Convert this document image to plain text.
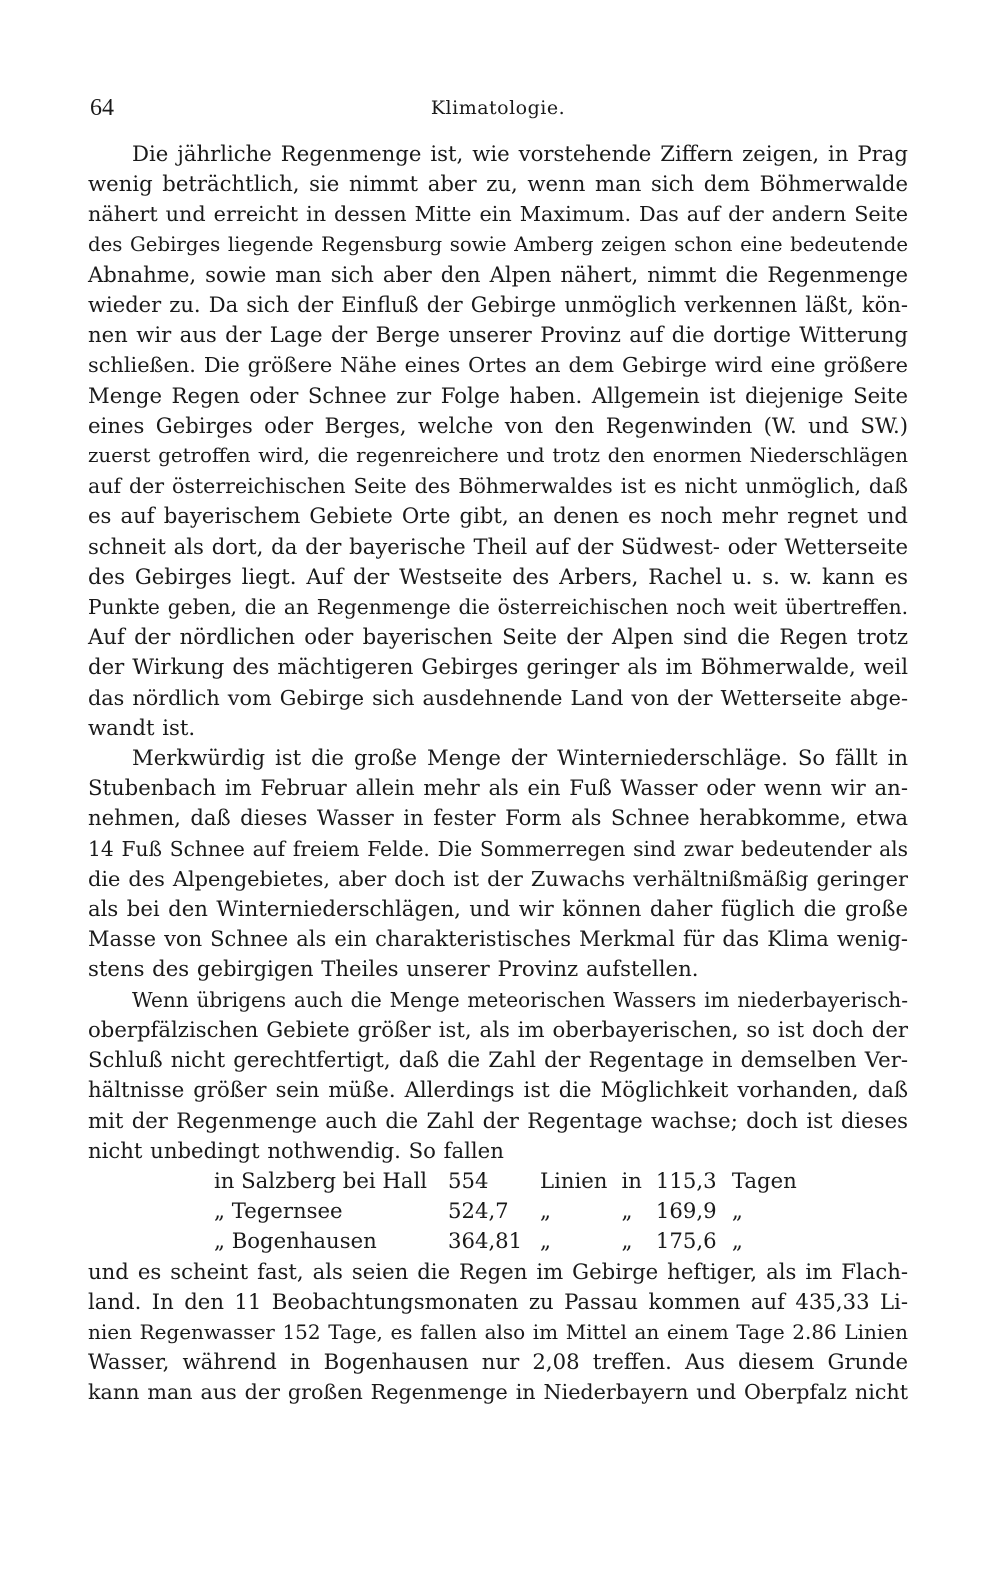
64	Klimatologie.

Die jährliche Regenmenge ist, wie vorstehende Ziffern zeigen, in Prag
wenig beträchtlich, sie nimmt aber zu, wenn man sich dem Böhmerwalde
nähert und erreicht in dessen Mitte ein Maximum. Das auf der andern Seite
des Gebirges liegende Regensburg sowie Amberg zeigen schon eine bedeutende
Abnahme, sowie man sich aber den Alpen nähert, nimmt die Regenmenge
wieder zu. Da sich der Einfluß der Gebirge unmöglich verkennen läßt, kön-
nen wir aus der Lage der Berge unserer Provinz auf die dortige Witterung
schließen. Die größere Nähe eines Ortes an dem Gebirge wird eine größere
Menge Regen oder Schnee zur Folge haben. Allgemein ist diejenige Seite
eines Gebirges oder Berges, welche von den Regenwinden (W. und SW.)
zuerst getroffen wird, die regenreichere und trotz den enormen Niederschlägen
auf der österreichischen Seite des Böhmerwaldes ist es nicht unmöglich, daß
es auf bayerischem Gebiete Orte gibt, an denen es noch mehr regnet und
schneit als dort, da der bayerische Theil auf der Südwest- oder Wetterseite
des Gebirges liegt. Auf der Westseite des Arbers, Rachel u. s. w. kann es
Punkte geben, die an Regenmenge die österreichischen noch weit übertreffen.
Auf der nördlichen oder bayerischen Seite der Alpen sind die Regen trotz
der Wirkung des mächtigeren Gebirges geringer als im Böhmerwalde, weil
das nördlich vom Gebirge sich ausdehnende Land von der Wetterseite abge-
wandt ist.

Merkwürdig ist die große Menge der Winterniederschläge. So fällt in
Stubenbach im Februar allein mehr als ein Fuß Wasser oder wenn wir an-
nehmen, daß dieses Wasser in fester Form als Schnee herabkomme, etwa
14 Fuß Schnee auf freiem Felde. Die Sommerregen sind zwar bedeutender als
die des Alpengebietes, aber doch ist der Zuwachs verhältnißmäßig geringer
als bei den Winterniederschlägen, und wir können daher füglich die große
Masse von Schnee als ein charakteristisches Merkmal für das Klima wenig-
stens des gebirgigen Theiles unserer Provinz aufstellen.

Wenn übrigens auch die Menge meteorischen Wassers im niederbayerisch-
oberpfälzischen Gebiete größer ist, als im oberbayerischen, so ist doch der
Schluß nicht gerechtfertigt, daß die Zahl der Regentage in demselben Ver-
hältnisse größer sein müße. Allerdings ist die Möglichkeit vorhanden, daß
mit der Regenmenge auch die Zahl der Regentage wachse; doch ist dieses
nicht unbedingt nothwendig. So fallen

in Salzberg bei Hall	554	Linien	in	115,3	Tagen
„ Tegernsee	524,7	„	„	169,9	„
„ Bogenhausen	364,81	„	„	175,6	„

und es scheint fast, als seien die Regen im Gebirge heftiger, als im Flach-
land. In den 11 Beobachtungsmonaten zu Passau kommen auf 435,33 Li-
nien Regenwasser 152 Tage, es fallen also im Mittel an einem Tage 2.86 Linien
Wasser, während in Bogenhausen nur 2,08 treffen. Aus diesem Grunde
kann man aus der großen Regenmenge in Niederbayern und Oberpfalz nicht
